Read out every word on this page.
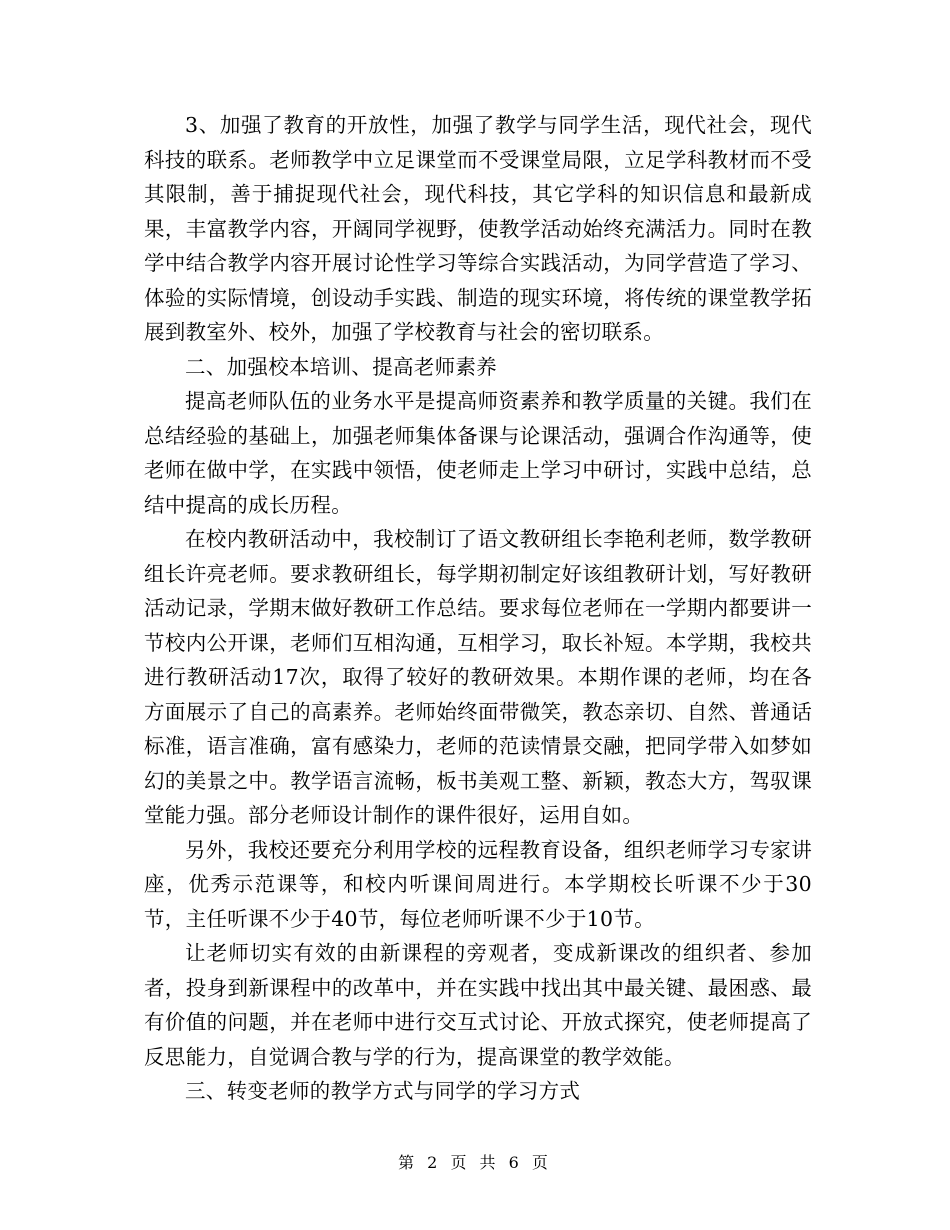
3、加强了教育的开放性，加强了教学与同学生活，现代社会，现代科技的联系。老师教学中立足课堂而不受课堂局限，立足学科教材而不受其限制，善于捕捉现代社会，现代科技，其它学科的知识信息和最新成果，丰富教学内容，开阔同学视野，使教学活动始终充满活力。同时在教学中结合教学内容开展讨论性学习等综合实践活动，为同学营造了学习、体验的实际情境，创设动手实践、制造的现实环境，将传统的课堂教学拓展到教室外、校外，加强了学校教育与社会的密切联系。

二、加强校本培训、提高老师素养

提高老师队伍的业务水平是提高师资素养和教学质量的关键。我们在总结经验的基础上，加强老师集体备课与论课活动，强调合作沟通等，使老师在做中学，在实践中领悟，使老师走上学习中研讨，实践中总结，总结中提高的成长历程。

在校内教研活动中，我校制订了语文教研组长李艳利老师，数学教研组长许亮老师。要求教研组长，每学期初制定好该组教研计划，写好教研活动记录，学期末做好教研工作总结。要求每位老师在一学期内都要讲一节校内公开课，老师们互相沟通，互相学习，取长补短。本学期，我校共进行教研活动17次，取得了较好的教研效果。本期作课的老师，均在各方面展示了自己的高素养。老师始终面带微笑，教态亲切、自然、普通话标准，语言准确，富有感染力，老师的范读情景交融，把同学带入如梦如幻的美景之中。教学语言流畅，板书美观工整、新颖，教态大方，驾驭课堂能力强。部分老师设计制作的课件很好，运用自如。

另外，我校还要充分利用学校的远程教育设备，组织老师学习专家讲座，优秀示范课等，和校内听课间周进行。本学期校长听课不少于30节，主任听课不少于40节，每位老师听课不少于10节。

让老师切实有效的由新课程的旁观者，变成新课改的组织者、参加者，投身到新课程中的改革中，并在实践中找出其中最关键、最困惑、最有价值的问题，并在老师中进行交互式讨论、开放式探究，使老师提高了反思能力，自觉调合教与学的行为，提高课堂的教学效能。

三、转变老师的教学方式与同学的学习方式

第 2 页 共 6 页
